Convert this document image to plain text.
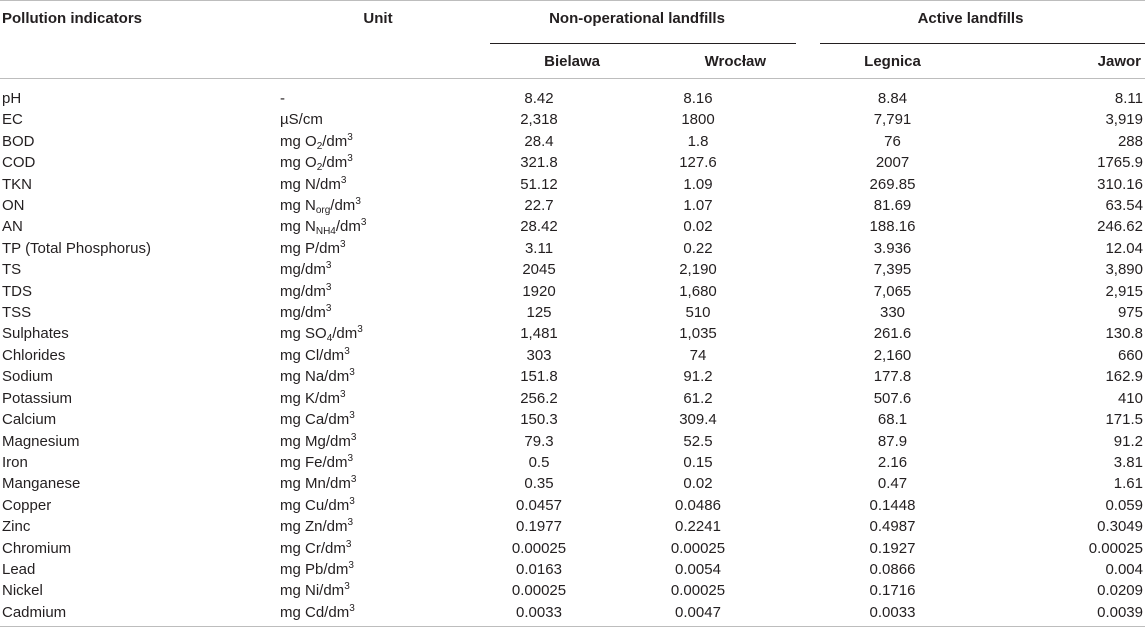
Pollution indicators	Unit	Non-operational landfills		Active landfills	

		Bielawa	Wrocław	Legnica	Jawor
pH	-	8.42	8.16	8.84	8.11
EC	µS/cm	2,318	1800	7,791	3,919
BOD	mg $O_2/dm^3$	28.4	1.8	76	288
COD	mg $O_2/dm^3$	321.8	127.6	2007	1765.9
TKN	mg $N/dm^3$	51.12	1.09	269.85	310.16
ON	mg $N_{org}/dm^3$	22.7	1.07	81.69	63.54
AN	mg $N_{NH4}/dm^3$	28.42	0.02	188.16	246.62
TP (Total Phosphorus)	mg $P/dm^3$	3.11	0.22	3.936	12.04
TS	$mg/dm^3$	2045	2,190	7,395	3,890
TDS	$mg/dm^3$	1920	1,680	7,065	2,915
TSS	$mg/dm^3$	125	510	330	975
Sulphates	mg $SO_4/dm^3$	1,481	1,035	261.6	130.8
Chlorides	mg $Cl/dm^3$	303	74	2,160	660
Sodium	mg $Na/dm^3$	151.8	91.2	177.8	162.9
Potassium	mg $K/dm^3$	256.2	61.2	507.6	410
Calcium	mg $Ca/dm^3$	150.3	309.4	68.1	171.5
Magnesium	mg $Mg/dm^3$	79.3	52.5	87.9	91.2
Iron	mg $Fe/dm^3$	0.5	0.15	2.16	3.81
Manganese	mg $Mn/dm^3$	0.35	0.02	0.47	1.61
Copper	mg $Cu/dm^3$	0.0457	0.0486	0.1448	0.059
Zinc	mg $Zn/dm^3$	0.1977	0.2241	0.4987	0.3049
Chromium	mg $Cr/dm^3$	0.00025	0.00025	0.1927	0.00025
Lead	mg $Pb/dm^3$	0.0163	0.0054	0.0866	0.004
Nickel	mg $Ni/dm^3$	0.00025	0.00025	0.1716	0.0209
Cadmium	mg $Cd/dm^3$	0.0033	0.0047	0.0033	0.0039
